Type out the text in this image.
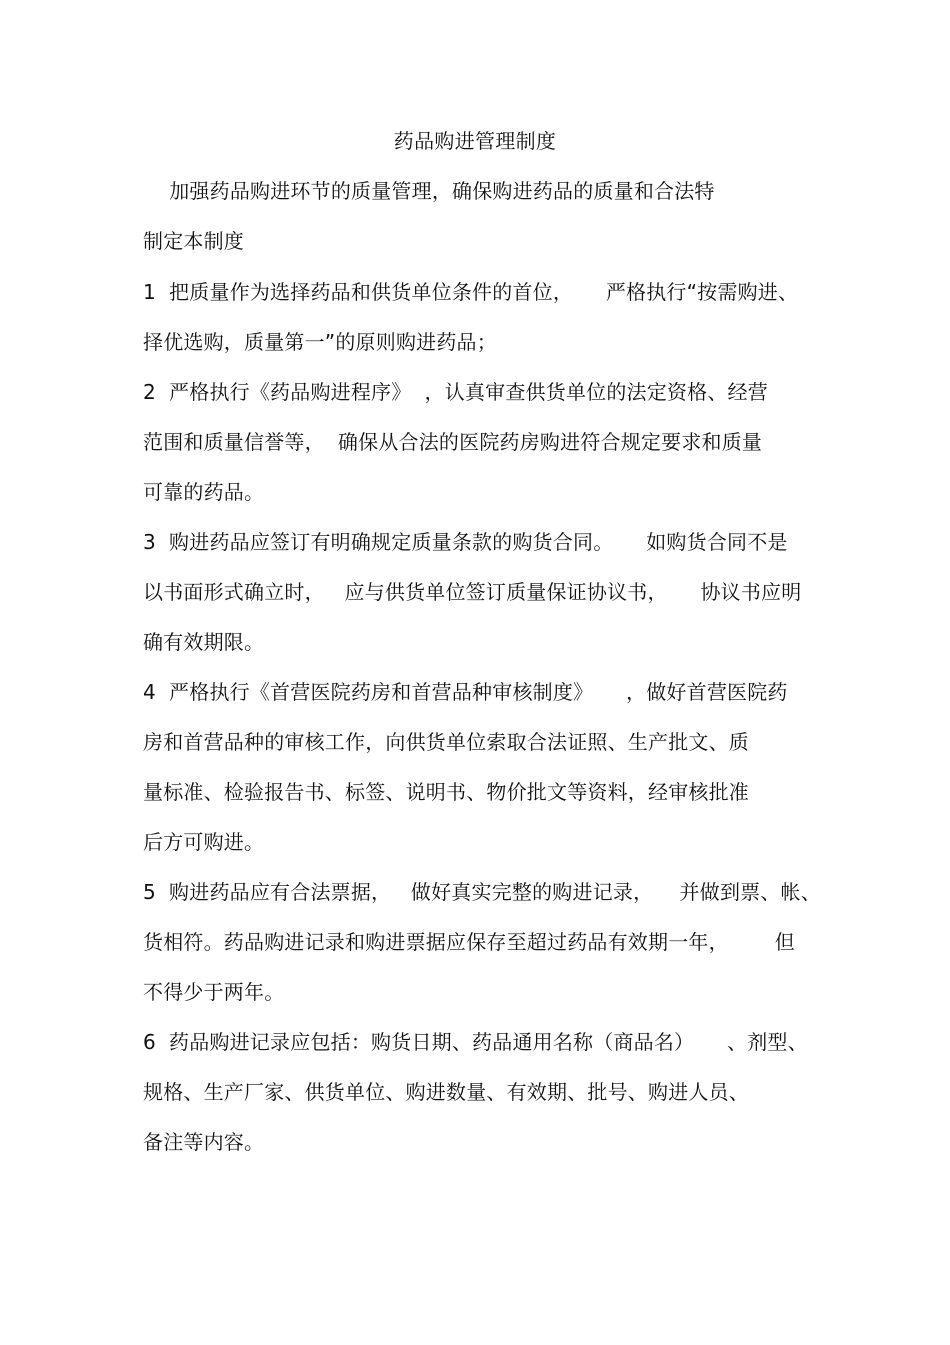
药品购进管理制度
加强药品购进环节的质量管理，确保购进药品的质量和合法特
制定本制度
1  把质量作为选择药品和供货单位条件的首位，     严格执行“按需购进、
择优选购，质量第一”的原则购进药品；
2  严格执行《药品购进程序》  ，认真审查供货单位的法定资格、经营
范围和质量信誉等，  确保从合法的医院药房购进符合规定要求和质量
可靠的药品。
3  购进药品应签订有明确规定质量条款的购货合同。     如购货合同不是
以书面形式确立时，   应与供货单位签订质量保证协议书，     协议书应明
确有效期限。
4  严格执行《首营医院药房和首营品种审核制度》     ，做好首营医院药
房和首营品种的审核工作，向供货单位索取合法证照、生产批文、质
量标准、检验报告书、标签、说明书、物价批文等资料，经审核批准
后方可购进。
5  购进药品应有合法票据，   做好真实完整的购进记录，    并做到票、帐、
货相符。药品购进记录和购进票据应保存至超过药品有效期一年，       但
不得少于两年。
6  药品购进记录应包括：购货日期、药品通用名称（商品名）     、剂型、
规格、生产厂家、供货单位、购进数量、有效期、批号、购进人员、
备注等内容。
